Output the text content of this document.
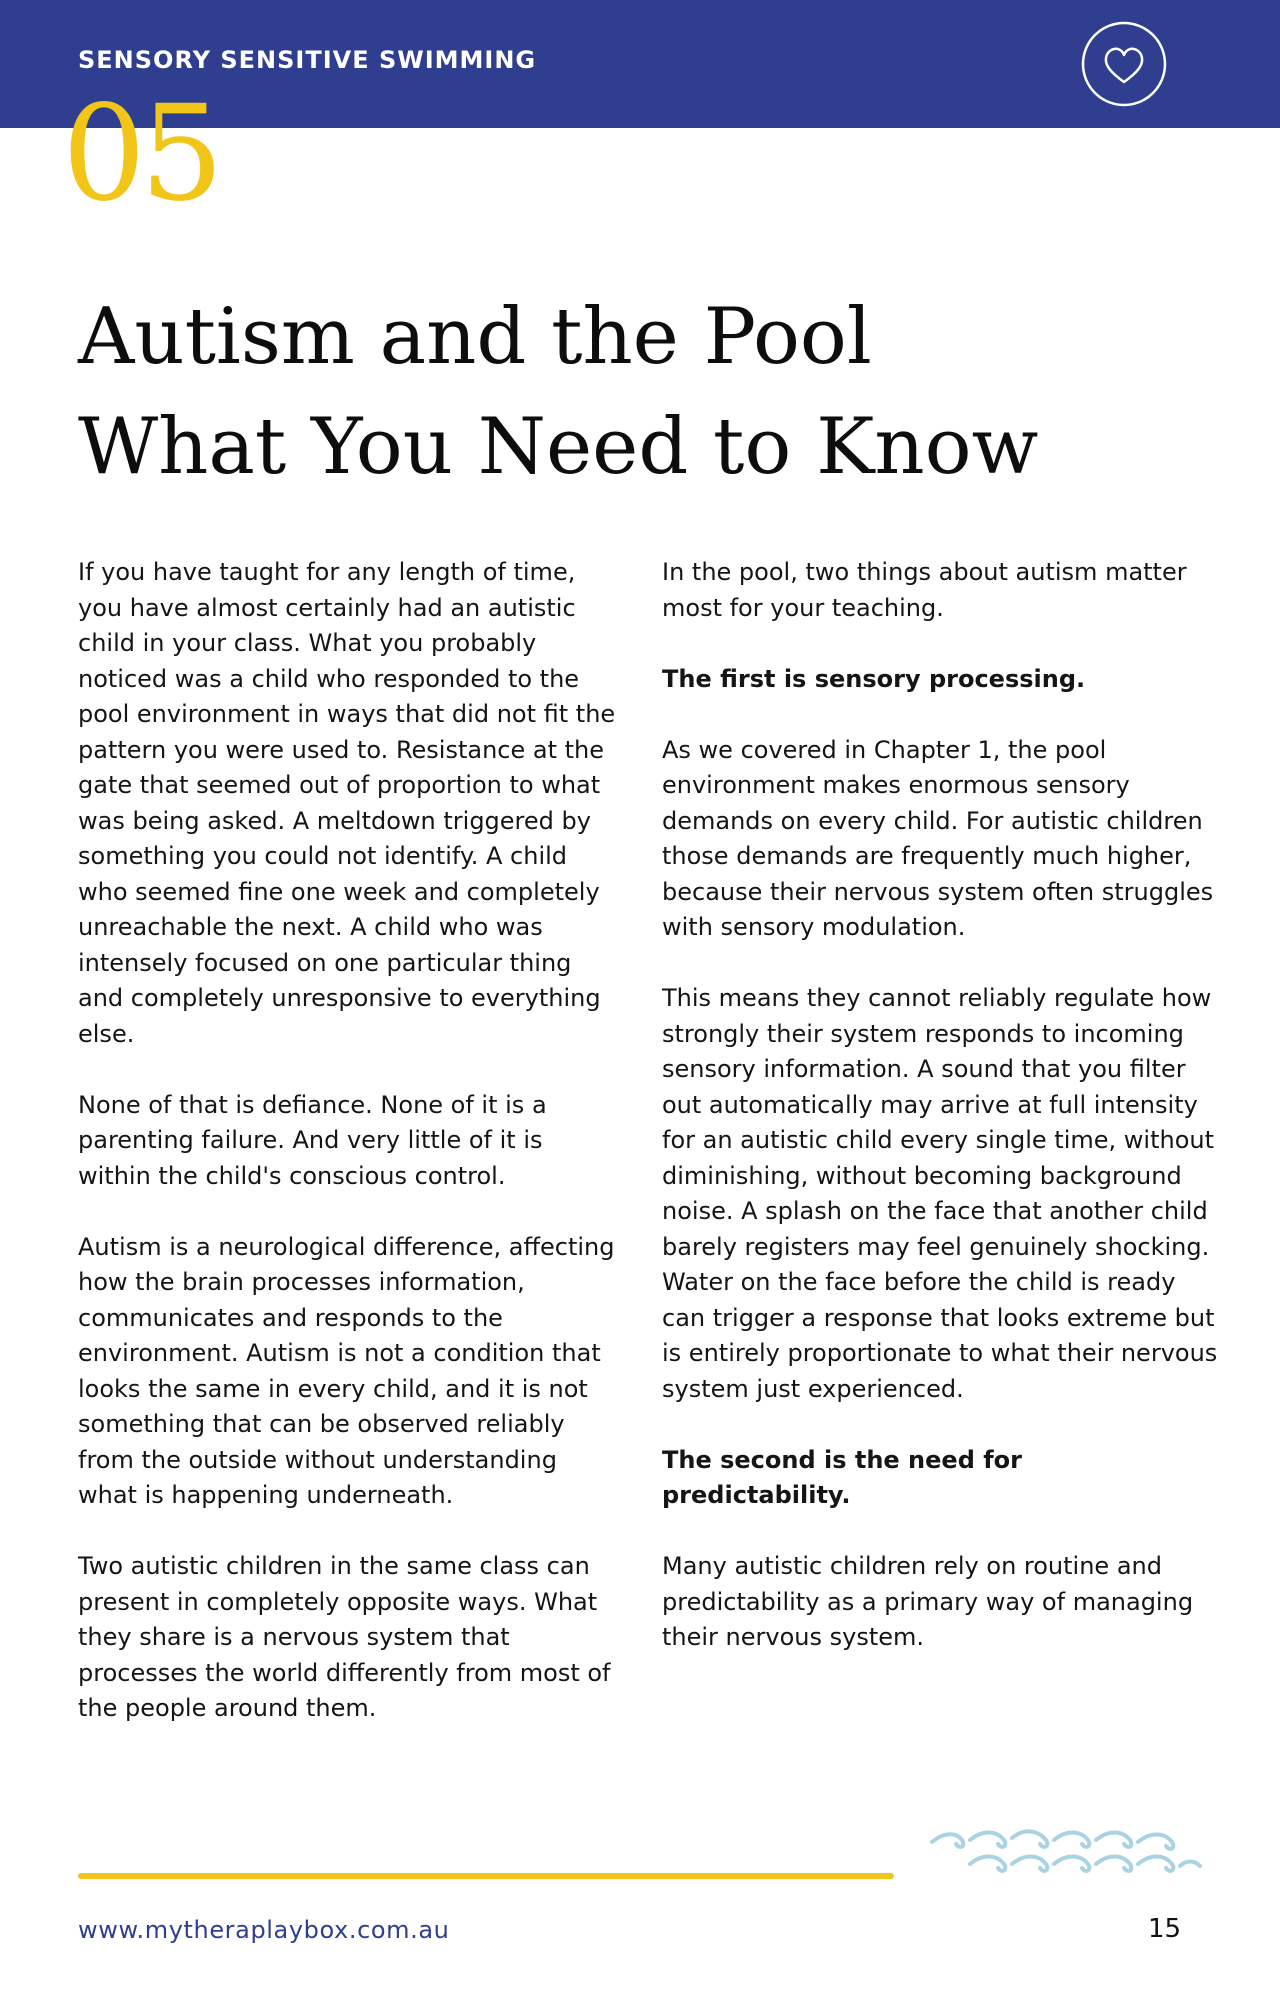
SENSORY SENSITIVE SWIMMING
05
Autism and the Pool
What You Need to Know

If you have taught for any length of time, you have almost certainly had an autistic child in your class. What you probably noticed was a child who responded to the pool environment in ways that did not fit the pattern you were used to. Resistance at the gate that seemed out of proportion to what was being asked. A meltdown triggered by something you could not identify. A child who seemed fine one week and completely unreachable the next. A child who was intensely focused on one particular thing and completely unresponsive to everything else.

None of that is defiance. None of it is a parenting failure. And very little of it is within the child's conscious control.

Autism is a neurological difference, affecting how the brain processes information, communicates and responds to the environment. Autism is not a condition that looks the same in every child, and it is not something that can be observed reliably from the outside without understanding what is happening underneath.

Two autistic children in the same class can present in completely opposite ways. What they share is a nervous system that processes the world differently from most of the people around them.

In the pool, two things about autism matter most for your teaching.

The first is sensory processing.

As we covered in Chapter 1, the pool environment makes enormous sensory demands on every child. For autistic children those demands are frequently much higher, because their nervous system often struggles with sensory modulation.

This means they cannot reliably regulate how strongly their system responds to incoming sensory information. A sound that you filter out automatically may arrive at full intensity for an autistic child every single time, without diminishing, without becoming background noise. A splash on the face that another child barely registers may feel genuinely shocking. Water on the face before the child is ready can trigger a response that looks extreme but is entirely proportionate to what their nervous system just experienced.

The second is the need for predictability.

Many autistic children rely on routine and predictability as a primary way of managing their nervous system.

www.mytheraplaybox.com.au	15
